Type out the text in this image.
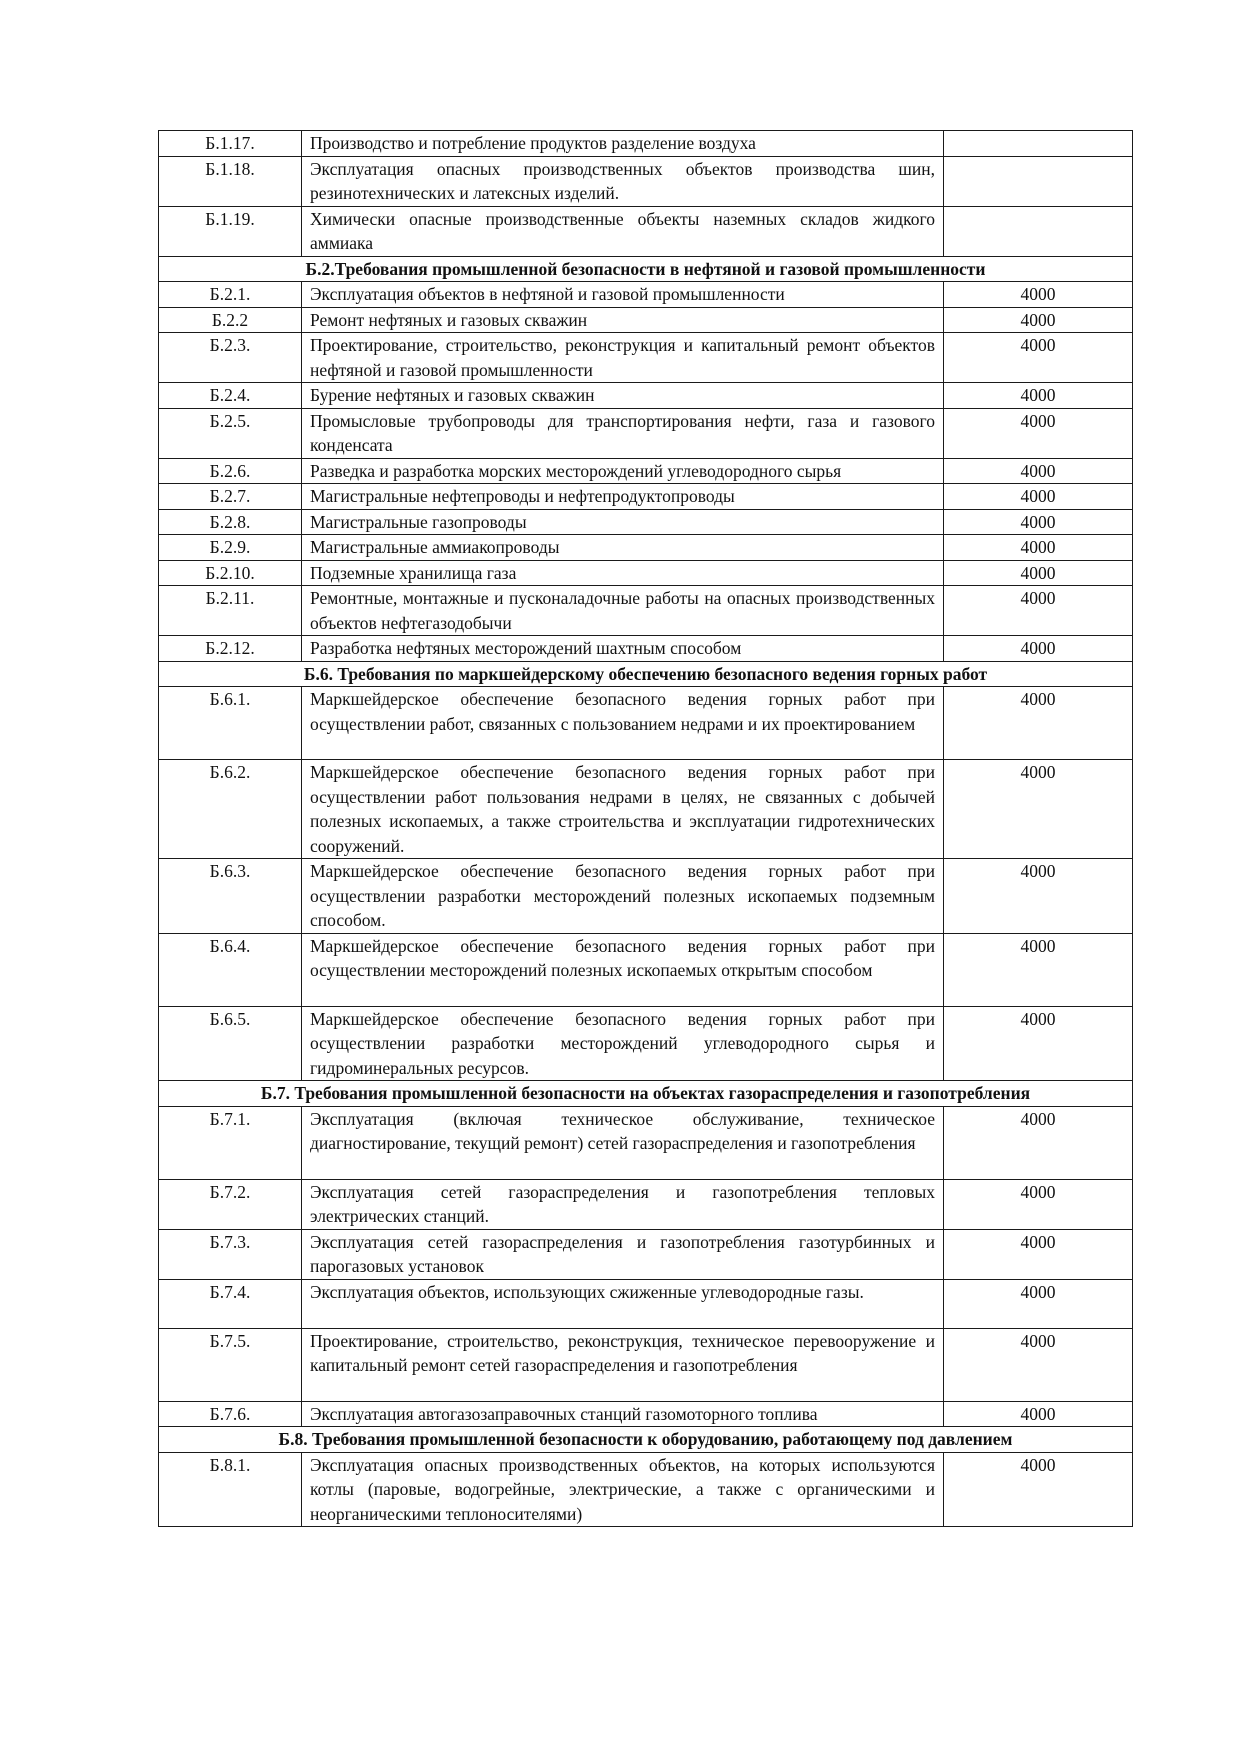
Б.1.17.	Производство и потребление продуктов разделение воздуха	
Б.1.18.	Эксплуатация опасных производственных объектов производства шин, резинотехнических и латексных изделий.	
Б.1.19.	Химически опасные производственные объекты наземных складов жидкого аммиака	
Б.2.Требования промышленной безопасности в нефтяной и газовой промышленности		
Б.2.1.	Эксплуатация объектов в нефтяной и газовой промышленности	4000
Б.2.2	Ремонт нефтяных и газовых скважин	4000
Б.2.3.	Проектирование, строительство, реконструкция и капитальный ремонт объектов нефтяной и газовой промышленности	4000
Б.2.4.	Бурение нефтяных и газовых скважин	4000
Б.2.5.	Промысловые трубопроводы для транспортирования нефти, газа и газового конденсата	4000
Б.2.6.	Разведка и разработка морских месторождений углеводородного сырья	4000
Б.2.7.	Магистральные нефтепроводы и нефтепродуктопроводы	4000
Б.2.8.	Магистральные газопроводы	4000
Б.2.9.	Магистральные аммиакопроводы	4000
Б.2.10.	Подземные хранилища газа	4000
Б.2.11.	Ремонтные, монтажные и пусконаладочные работы на опасных производственных объектов нефтегазодобычи	4000
Б.2.12.	Разработка нефтяных месторождений шахтным способом	4000
Б.6. Требования по маркшейдерскому обеспечению безопасного ведения горных работ		
Б.6.1.	Маркшейдерское обеспечение безопасного ведения горных работ при осуществлении работ, связанных с пользованием недрами и их проектированием	4000
Б.6.2.	Маркшейдерское обеспечение безопасного ведения горных работ при осуществлении работ пользования недрами в целях, не связанных с добычей полезных ископаемых, а также строительства и эксплуатации гидротехнических сооружений.	4000
Б.6.3.	Маркшейдерское обеспечение безопасного ведения горных работ при осуществлении разработки месторождений полезных ископаемых подземным способом.	4000
Б.6.4.	Маркшейдерское обеспечение безопасного ведения горных работ при осуществлении месторождений полезных ископаемых открытым способом	4000
Б.6.5.	Маркшейдерское обеспечение безопасного ведения горных работ при осуществлении разработки месторождений углеводородного сырья и гидроминеральных ресурсов.	4000
Б.7. Требования промышленной безопасности на объектах газораспределения и газопотребления		
Б.7.1.	Эксплуатация (включая техническое обслуживание, техническое диагностирование, текущий ремонт) сетей газораспределения и газопотребления	4000
Б.7.2.	Эксплуатация сетей газораспределения и газопотребления тепловых электрических станций.	4000
Б.7.3.	Эксплуатация сетей газораспределения и газопотребления газотурбинных и парогазовых установок	4000
Б.7.4.	Эксплуатация объектов, использующих сжиженные углеводородные газы.	4000
Б.7.5.	Проектирование, строительство, реконструкция, техническое перевооружение и капитальный ремонт сетей газораспределения и газопотребления	4000
Б.7.6.	Эксплуатация автогазозаправочных станций газомоторного топлива	4000
Б.8. Требования промышленной безопасности к оборудованию, работающему под давлением		
Б.8.1.	Эксплуатация опасных производственных объектов, на которых используются котлы (паровые, водогрейные, электрические, а также с органическими и неорганическими теплоносителями)	4000
